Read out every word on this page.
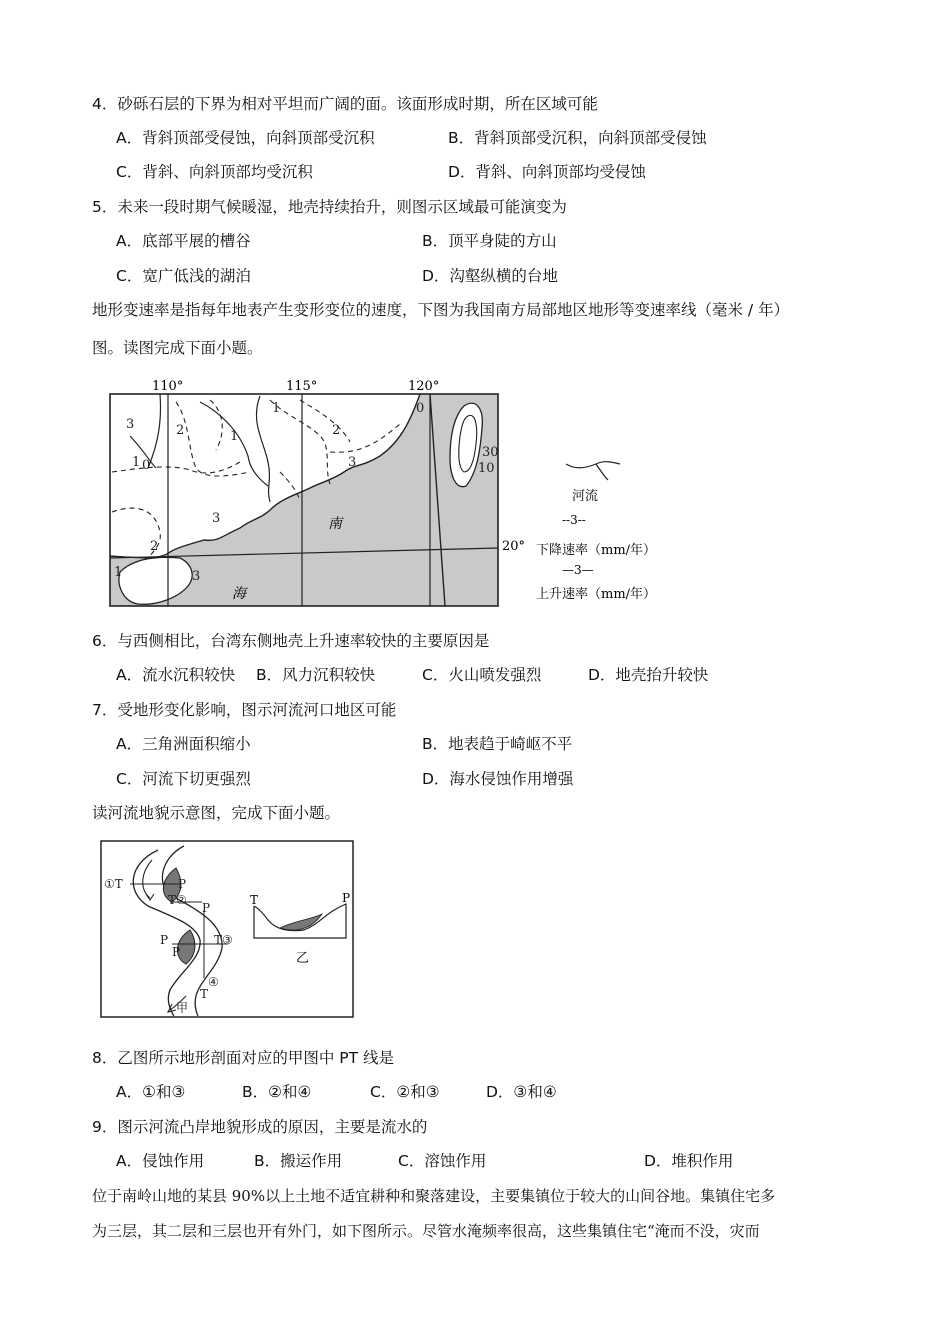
4．砂砾石层的下界为相对平坦而广阔的面。该面形成时期，所在区域可能
A．背斜顶部受侵蚀，向斜顶部受沉积	B．背斜顶部受沉积，向斜顶部受侵蚀
C．背斜、向斜顶部均受沉积	D．背斜、向斜顶部均受侵蚀
5．未来一段时期气候暖湿，地壳持续抬升，则图示区域最可能演变为
A．底部平展的槽谷	B．顶平身陡的方山
C．宽广低浅的湖泊	D．沟壑纵横的台地
地形变速率是指每年地表产生变形变位的速度，下图为我国南方局部地区地形等变速率线（毫米 / 年）
图。读图完成下面小题。
110°	115°	120°
3
1 0
2	1
1
2
3
3
2
1	3
0
30
10
南
海
20°
河流
--3--
下降速率（mm/年）
—3—
上升速率（mm/年）
6．与西侧相比，台湾东侧地壳上升速率较快的主要原因是
A．流水沉积较快 B．风力沉积较快	C．火山喷发强烈	D．地壳抬升较快
7．受地形变化影响，图示河流河口地区可能
A．三角洲面积缩小	B．地表趋于崎岖不平
C．河流下切更强烈	D．海水侵蚀作用增强
读河流地貌示意图，完成下面小题。
①T	P
T②
P
P
P
T③
④
T
甲
T	P
乙
8．乙图所示地形剖面对应的甲图中 PT 线是
A．①和③	B．②和④	C．②和③	D．③和④
9．图示河流凸岸地貌形成的原因，主要是流水的
A．侵蚀作用	B．搬运作用	C．溶蚀作用	D．堆积作用
位于南岭山地的某县 90%以上土地不适宜耕种和聚落建设，主要集镇位于较大的山间谷地。集镇住宅多
为三层，其二层和三层也开有外门，如下图所示。尽管水淹频率很高，这些集镇住宅“淹而不没，灾而
